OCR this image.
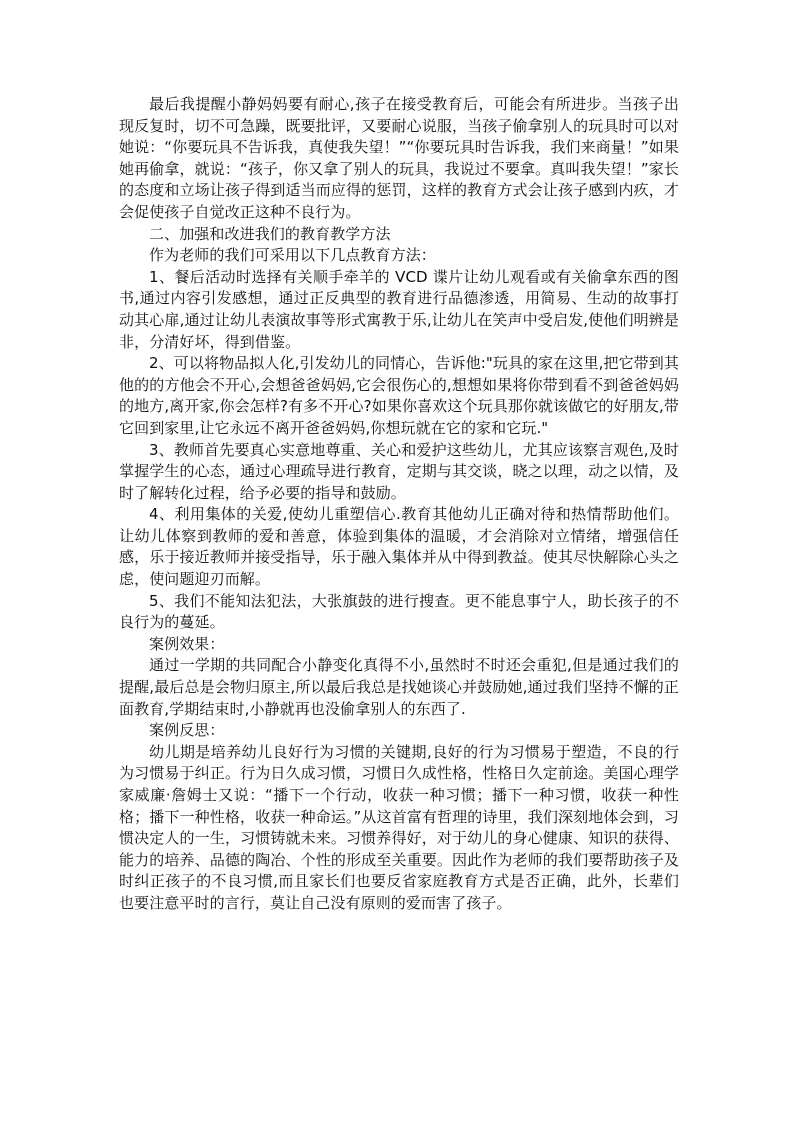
最后我提醒小静妈妈要有耐心,孩子在接受教育后，可能会有所进步。当孩子出现反复时，切不可急躁，既要批评，又要耐心说服，当孩子偷拿别人的玩具时可以对她说：“你要玩具不告诉我，真使我失望！”“你要玩具时告诉我，我们来商量！”如果她再偷拿，就说：“孩子，你又拿了别人的玩具，我说过不要拿。真叫我失望！”家长的态度和立场让孩子得到适当而应得的惩罚，这样的教育方式会让孩子感到内疚，才会促使孩子自觉改正这种不良行为。

二、加强和改进我们的教育教学方法

作为老师的我们可采用以下几点教育方法：

1、餐后活动时选择有关顺手牵羊的 VCD 谍片让幼儿观看或有关偷拿东西的图书,通过内容引发感想，通过正反典型的教育进行品德渗透，用简易、生动的故事打动其心扉,通过让幼儿表演故事等形式寓教于乐,让幼儿在笑声中受启发,使他们明辨是非，分清好坏，得到借鉴。

2、可以将物品拟人化,引发幼儿的同情心，告诉他:"玩具的家在这里,把它带到其他的的方他会不开心,会想爸爸妈妈,它会很伤心的,想想如果将你带到看不到爸爸妈妈的地方,离开家,你会怎样?有多不开心?如果你喜欢这个玩具那你就该做它的好朋友,带它回到家里,让它永远不离开爸爸妈妈,你想玩就在它的家和它玩."

3、教师首先要真心实意地尊重、关心和爱护这些幼儿，尤其应该察言观色,及时掌握学生的心态，通过心理疏导进行教育，定期与其交谈，晓之以理，动之以情，及时了解转化过程，给予必要的指导和鼓励。

4、利用集体的关爱,使幼儿重塑信心.教育其他幼儿正确对待和热情帮助他们。让幼儿体察到教师的爱和善意，体验到集体的温暖，才会消除对立情绪，增强信任感，乐于接近教师并接受指导，乐于融入集体并从中得到教益。使其尽快解除心头之虑，使问题迎刃而解。

5、我们不能知法犯法，大张旗鼓的进行搜查。更不能息事宁人，助长孩子的不良行为的蔓延。

案例效果：

通过一学期的共同配合小静变化真得不小,虽然时不时还会重犯,但是通过我们的提醒,最后总是会物归原主,所以最后我总是找她谈心并鼓励她,通过我们坚持不懈的正面教育,学期结束时,小静就再也没偷拿别人的东西了.

案例反思：

幼儿期是培养幼儿良好行为习惯的关键期,良好的行为习惯易于塑造，不良的行为习惯易于纠正。行为日久成习惯，习惯日久成性格，性格日久定前途。美国心理学家威廉·詹姆士又说：“播下一个行动，收获一种习惯；播下一种习惯，收获一种性格；播下一种性格，收获一种命运。”从这首富有哲理的诗里，我们深刻地体会到，习惯决定人的一生，习惯铸就未来。习惯养得好，对于幼儿的身心健康、知识的获得、能力的培养、品德的陶冶、个性的形成至关重要。因此作为老师的我们要帮助孩子及时纠正孩子的不良习惯,而且家长们也要反省家庭教育方式是否正确，此外，长辈们也要注意平时的言行，莫让自己没有原则的爱而害了孩子。
